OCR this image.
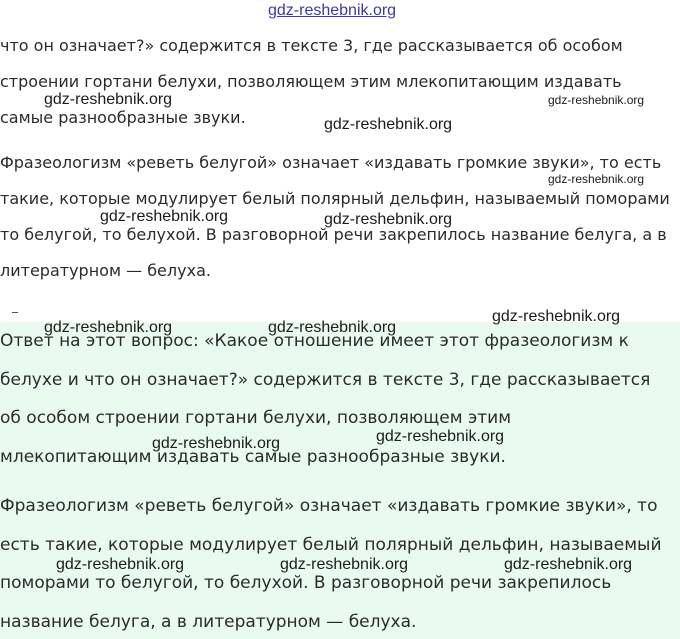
gdz-reshebnik.org
что он означает?» содержится в тексте 3, где рассказывается об особом
строении гортани белухи, позволяющем этим млекопитающим издавать
самые разнообразные звуки.
Фразеологизм «реветь белугой» означает «издавать громкие звуки», то есть
такие, которые модулирует белый полярный дельфин, называемый поморами
то белугой, то белухой. В разговорной речи закрепилось название белуга, а в
литературном — белуха.
Ответ на этот вопрос: «Какое отношение имеет этот фразеологизм к
белухе и что он означает?» содержится в тексте 3, где рассказывается
об особом строении гортани белухи, позволяющем этим
млекопитающим издавать самые разнообразные звуки.
Фразеологизм «реветь белугой» означает «издавать громкие звуки», то
есть такие, которые модулирует белый полярный дельфин, называемый
поморами то белугой, то белухой. В разговорной речи закрепилось
название белуга, а в литературном — белуха.
gdz-reshebnik.org	gdz-reshebnik.org
gdz-reshebnik.org
gdz-reshebnik.org
gdz-reshebnik.org	gdz-reshebnik.org
gdz-reshebnik.org
gdz-reshebnik.org	gdz-reshebnik.org
gdz-reshebnik.org
gdz-reshebnik.org
gdz-reshebnik.org	gdz-reshebnik.org	gdz-reshebnik.org
